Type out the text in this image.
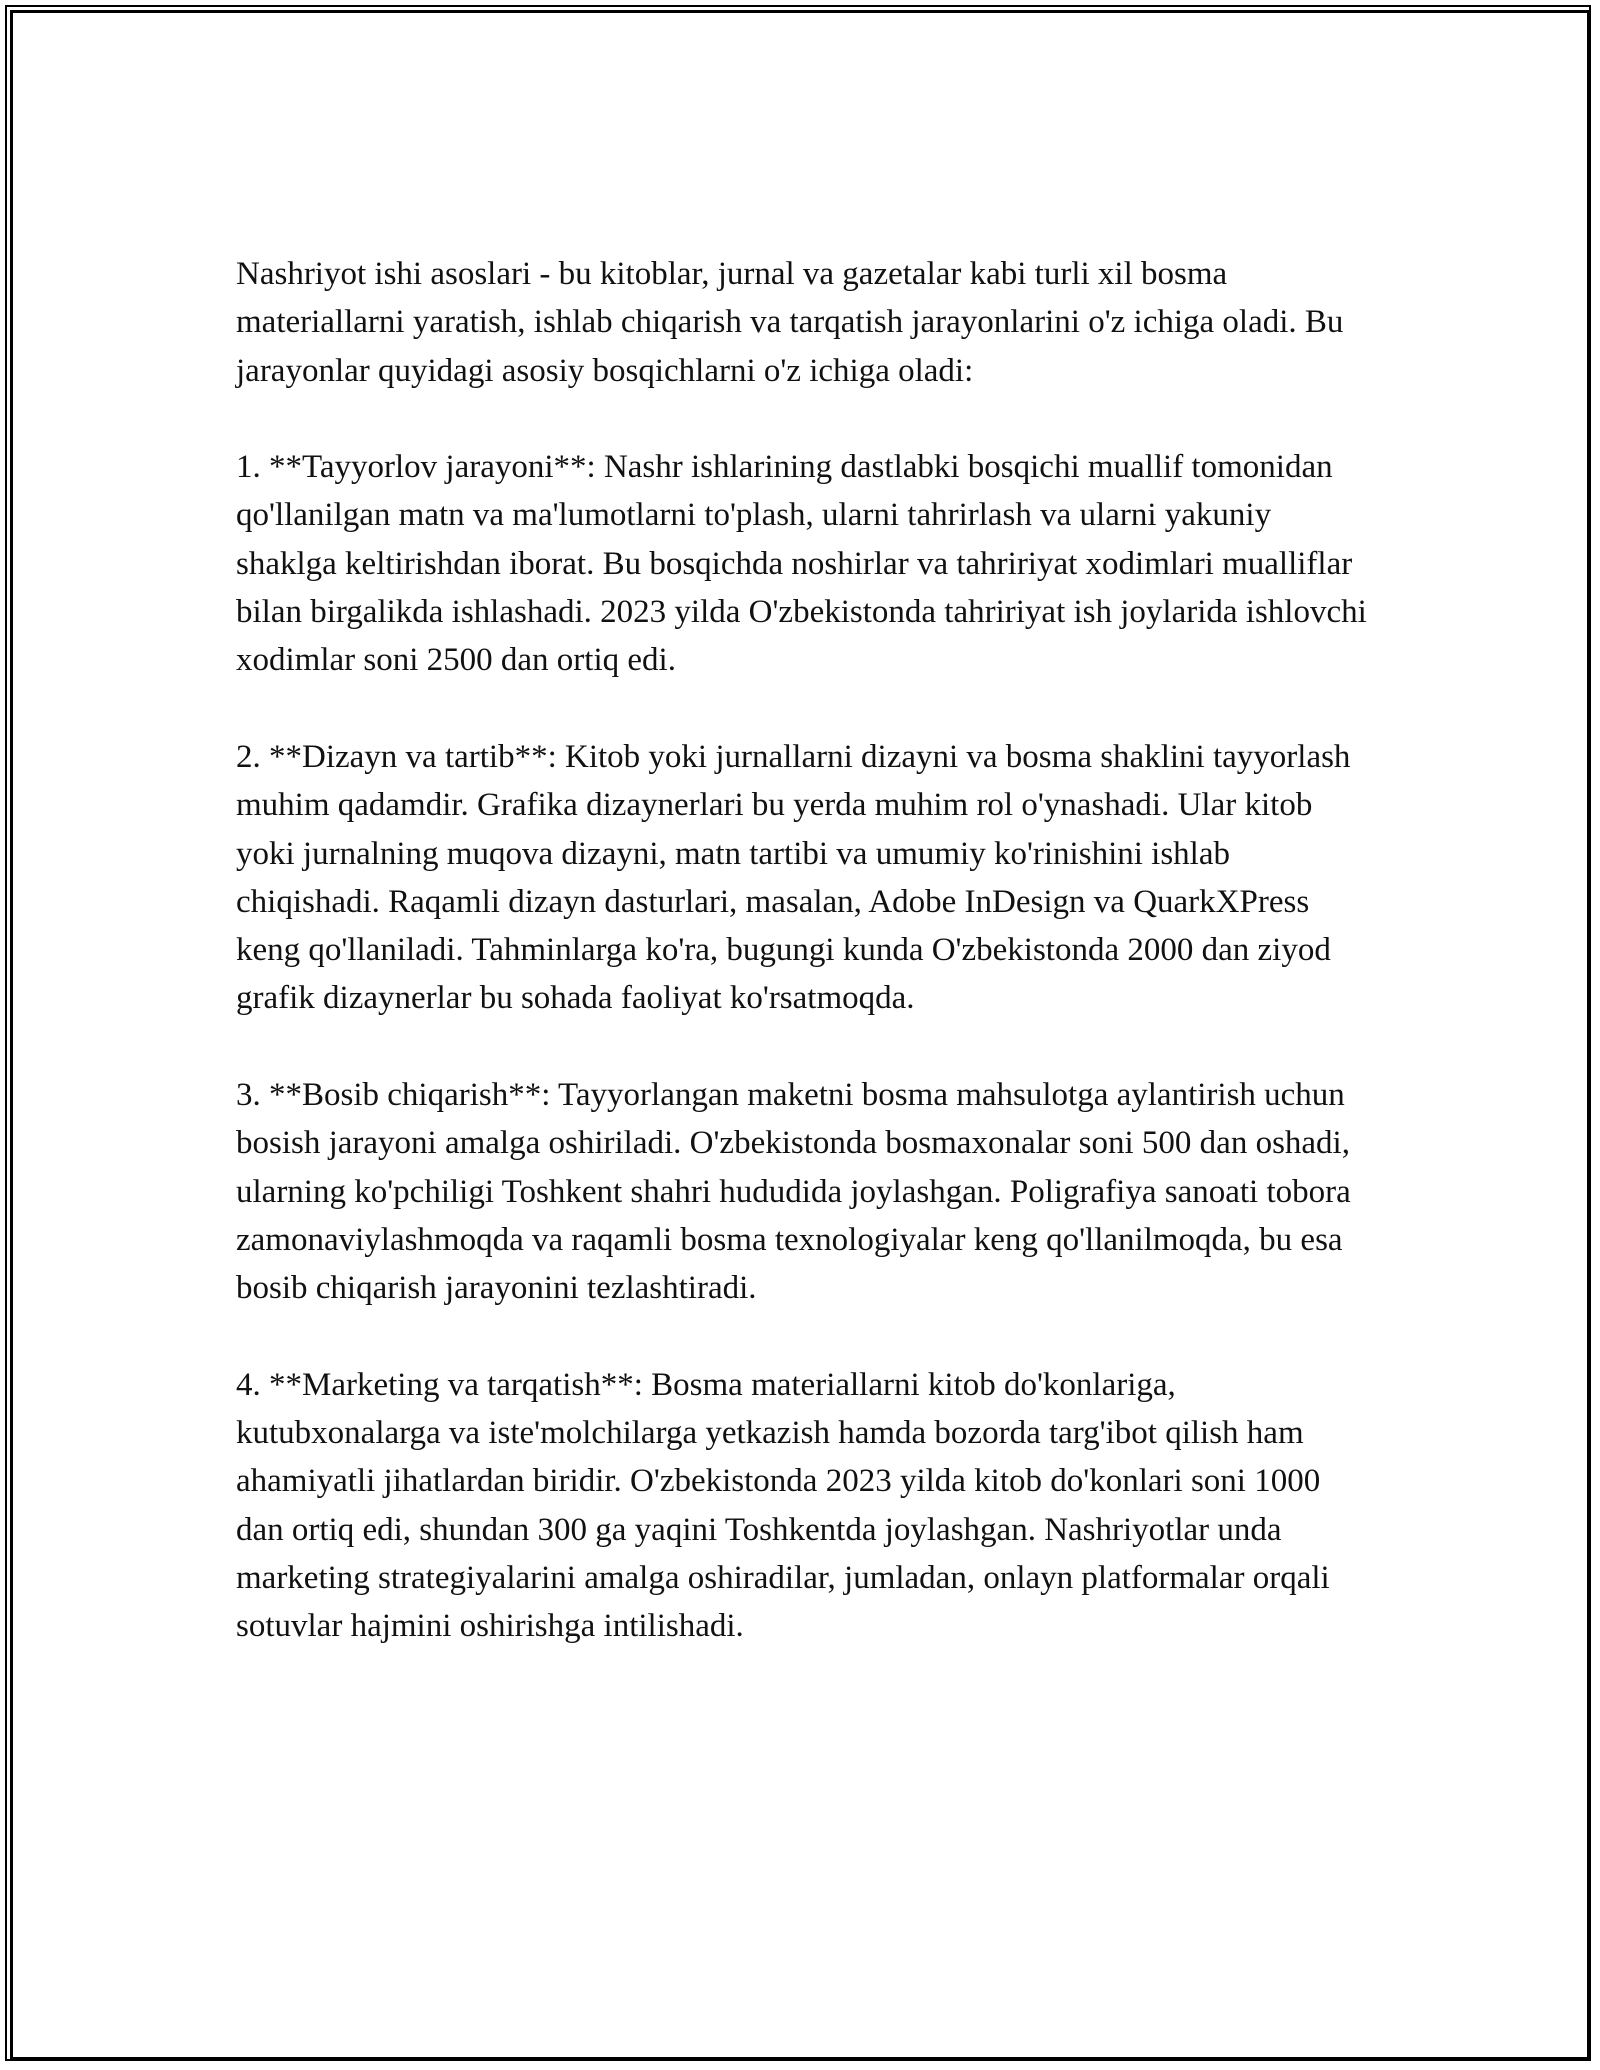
Nashriyot ishi asoslari - bu kitoblar, jurnal va gazetalar kabi turli xil bosma materiallarni yaratish, ishlab chiqarish va tarqatish jarayonlarini o'z ichiga oladi. Bu jarayonlar quyidagi asosiy bosqichlarni o'z ichiga oladi:

1. **Tayyorlov jarayoni**: Nashr ishlarining dastlabki bosqichi muallif tomonidan qo'llanilgan matn va ma'lumotlarni to'plash, ularni tahrirlash va ularni yakuniy shaklga keltirishdan iborat. Bu bosqichda noshirlar va tahririyat xodimlari mualliflar bilan birgalikda ishlashadi. 2023 yilda O'zbekistonda tahririyat ish joylarida ishlovchi xodimlar soni 2500 dan ortiq edi.

2. **Dizayn va tartib**: Kitob yoki jurnallarni dizayni va bosma shaklini tayyorlash muhim qadamdir. Grafika dizaynerlari bu yerda muhim rol o'ynashadi. Ular kitob yoki jurnalning muqova dizayni, matn tartibi va umumiy ko'rinishini ishlab chiqishadi. Raqamli dizayn dasturlari, masalan, Adobe InDesign va QuarkXPress keng qo'llaniladi. Tahminlarga ko'ra, bugungi kunda O'zbekistonda 2000 dan ziyod grafik dizaynerlar bu sohada faoliyat ko'rsatmoqda.

3. **Bosib chiqarish**: Tayyorlangan maketni bosma mahsulotga aylantirish uchun bosish jarayoni amalga oshiriladi. O'zbekistonda bosmaxonalar soni 500 dan oshadi, ularning ko'pchiligi Toshkent shahri hududida joylashgan. Poligrafiya sanoati tobora zamonaviylashmoqda va raqamli bosma texnologiyalar keng qo'llanilmoqda, bu esa bosib chiqarish jarayonini tezlashtiradi.

4. **Marketing va tarqatish**: Bosma materiallarni kitob do'konlariga, kutubxonalarga va iste'molchilarga yetkazish hamda bozorda targ'ibot qilish ham ahamiyatli jihatlardan biridir. O'zbekistonda 2023 yilda kitob do'konlari soni 1000 dan ortiq edi, shundan 300 ga yaqini Toshkentda joylashgan. Nashriyotlar unda marketing strategiyalarini amalga oshiradilar, jumladan, onlayn platformalar orqali sotuvlar hajmini oshirishga intilishadi.
